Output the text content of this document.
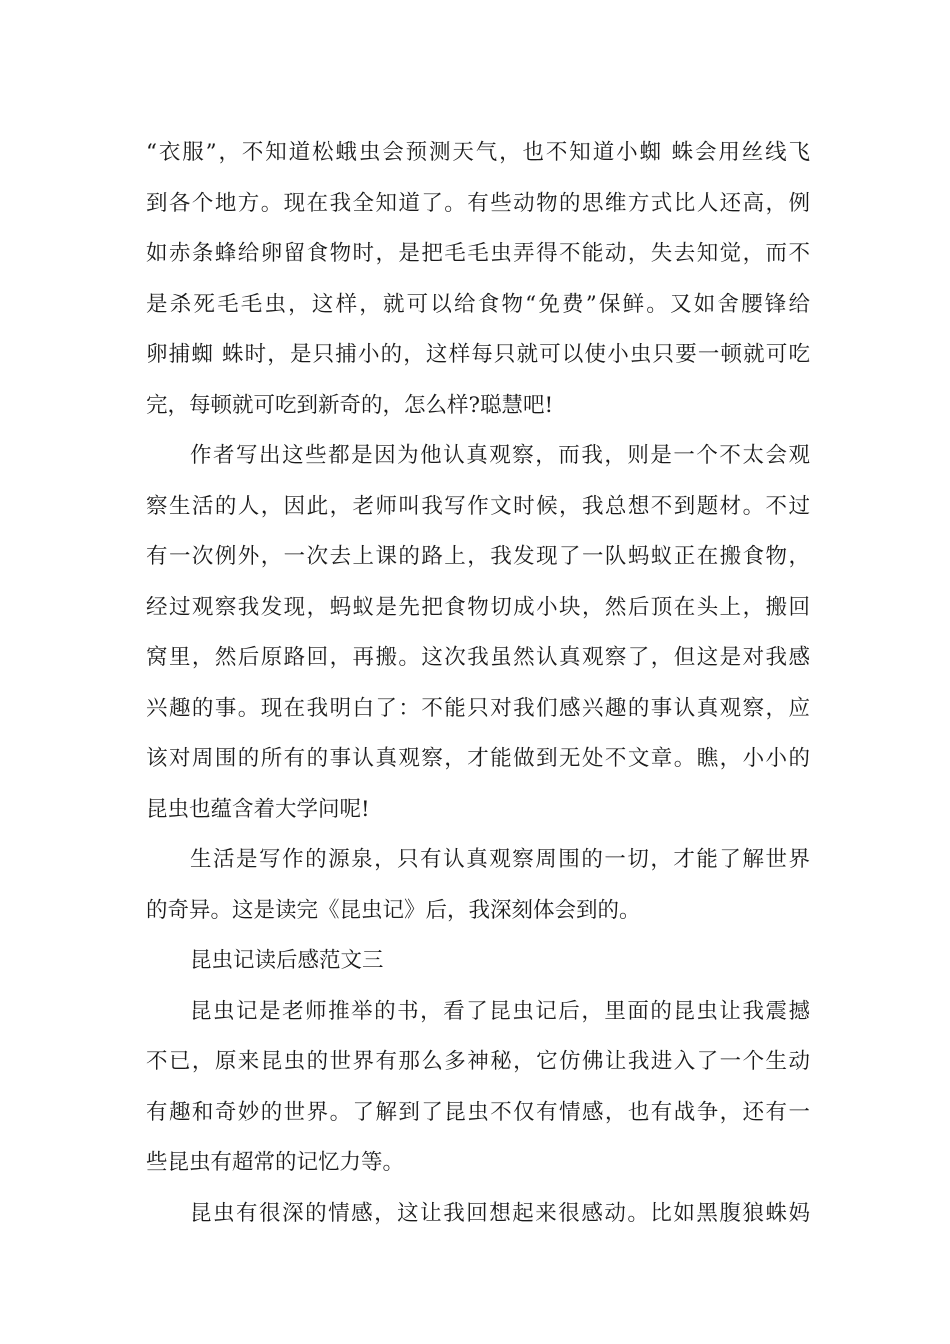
“衣服”，不知道松蛾虫会预测天气，也不知道小蜘 蛛会用丝线飞
到各个地方。现在我全知道了。有些动物的思维方式比人还高，例
如赤条蜂给卵留食物时，是把毛毛虫弄得不能动，失去知觉，而不
是杀死毛毛虫，这样，就可以给食物“免费”保鲜。又如舍腰锋给
卵捕蜘 蛛时，是只捕小的，这样每只就可以使小虫只要一顿就可吃
完，每顿就可吃到新奇的，怎么样?聪慧吧!
作者写出这些都是因为他认真观察，而我，则是一个不太会观
察生活的人，因此，老师叫我写作文时候，我总想不到题材。不过
有一次例外，一次去上课的路上，我发现了一队蚂蚁正在搬食物，
经过观察我发现，蚂蚁是先把食物切成小块，然后顶在头上，搬回
窝里，然后原路回，再搬。这次我虽然认真观察了，但这是对我感
兴趣的事。现在我明白了：不能只对我们感兴趣的事认真观察，应
该对周围的所有的事认真观察，才能做到无处不文章。瞧，小小的
昆虫也蕴含着大学问呢!
生活是写作的源泉，只有认真观察周围的一切，才能了解世界
的奇异。这是读完《昆虫记》后，我深刻体会到的。
昆虫记读后感范文三
昆虫记是老师推举的书，看了昆虫记后，里面的昆虫让我震撼
不已，原来昆虫的世界有那么多神秘，它仿佛让我进入了一个生动
有趣和奇妙的世界。了解到了昆虫不仅有情感，也有战争，还有一
些昆虫有超常的记忆力等。
昆虫有很深的情感，这让我回想起来很感动。比如黑腹狼蛛妈
